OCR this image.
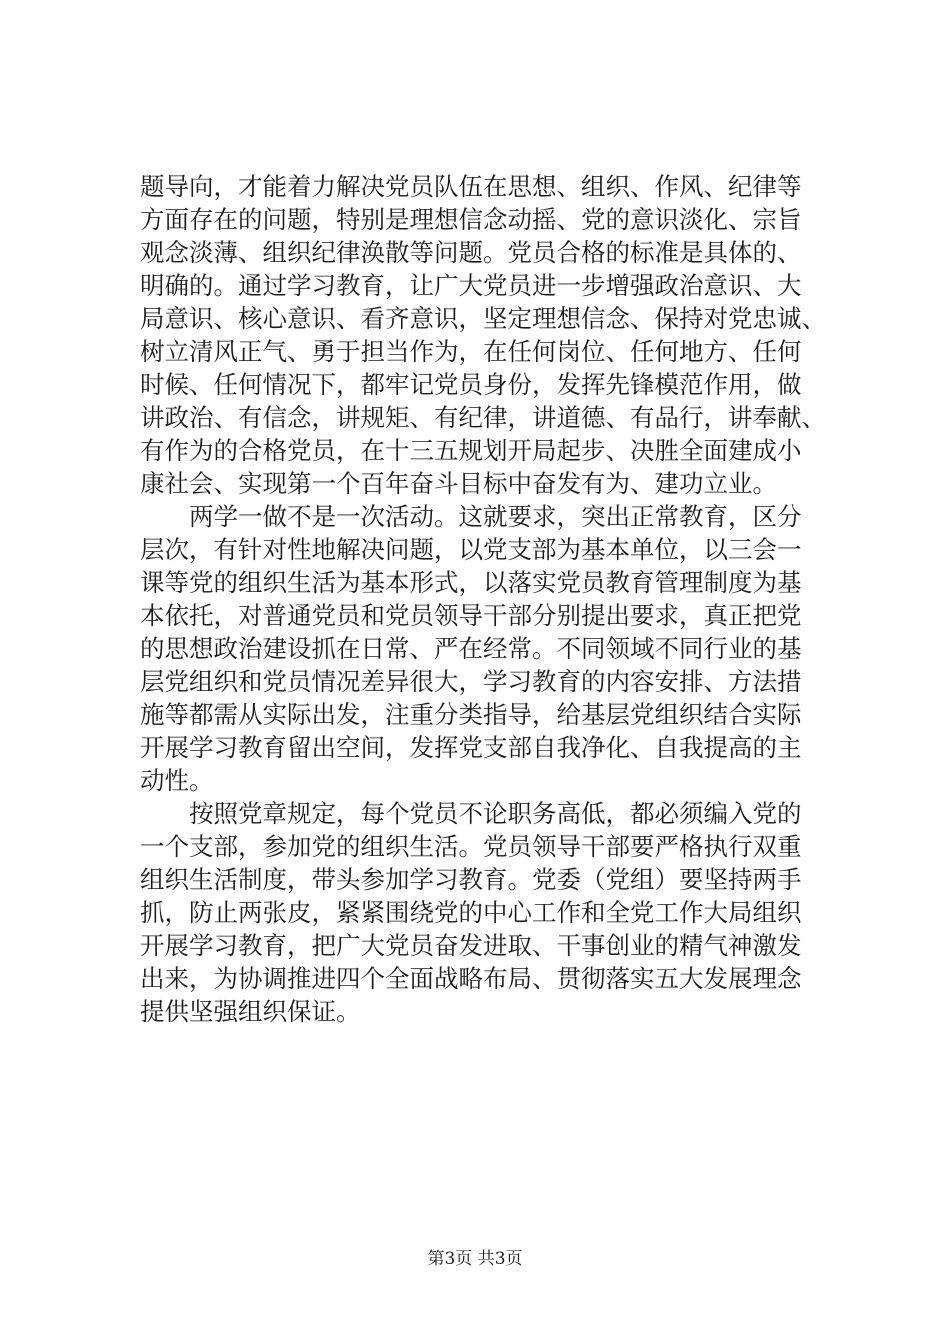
题导向，才能着力解决党员队伍在思想、组织、作风、纪律等
方面存在的问题，特别是理想信念动摇、党的意识淡化、宗旨
观念淡薄、组织纪律涣散等问题。党员合格的标准是具体的、
明确的。通过学习教育，让广大党员进一步增强政治意识、大
局意识、核心意识、看齐意识，坚定理想信念、保持对党忠诚、
树立清风正气、勇于担当作为，在任何岗位、任何地方、任何
时候、任何情况下，都牢记党员身份，发挥先锋模范作用，做
讲政治、有信念，讲规矩、有纪律，讲道德、有品行，讲奉献、
有作为的合格党员，在十三五规划开局起步、决胜全面建成小
康社会、实现第一个百年奋斗目标中奋发有为、建功立业。
　　两学一做不是一次活动。这就要求，突出正常教育，区分
层次，有针对性地解决问题，以党支部为基本单位，以三会一
课等党的组织生活为基本形式，以落实党员教育管理制度为基
本依托，对普通党员和党员领导干部分别提出要求，真正把党
的思想政治建设抓在日常、严在经常。不同领域不同行业的基
层党组织和党员情况差异很大，学习教育的内容安排、方法措
施等都需从实际出发，注重分类指导，给基层党组织结合实际
开展学习教育留出空间，发挥党支部自我净化、自我提高的主
动性。
　　按照党章规定，每个党员不论职务高低，都必须编入党的
一个支部，参加党的组织生活。党员领导干部要严格执行双重
组织生活制度，带头参加学习教育。党委（党组）要坚持两手
抓，防止两张皮，紧紧围绕党的中心工作和全党工作大局组织
开展学习教育，把广大党员奋发进取、干事创业的精气神激发
出来，为协调推进四个全面战略布局、贯彻落实五大发展理念
提供坚强组织保证。
第3页 共3页
